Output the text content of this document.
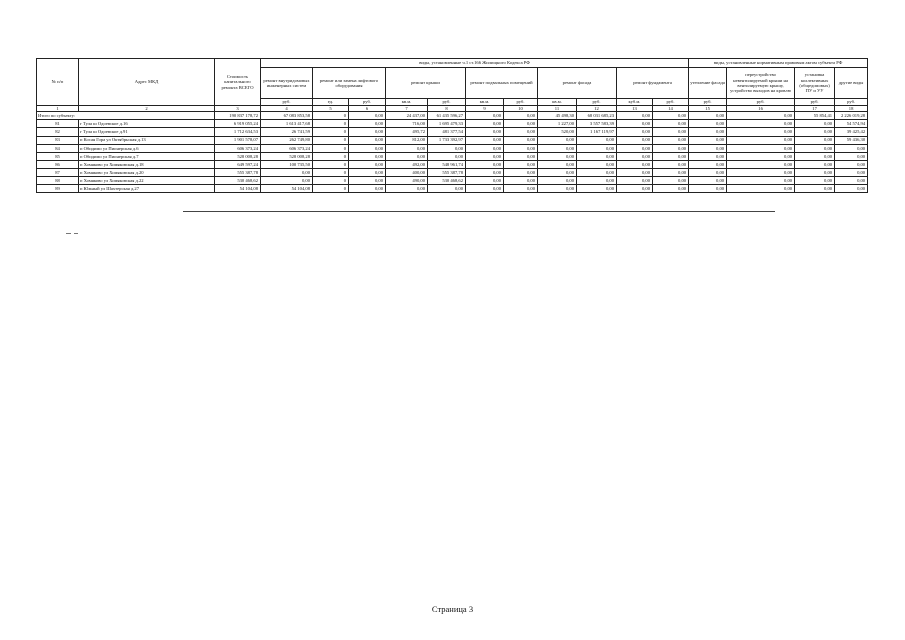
№ п/п	Адрес МКД	Стоимость капитального ремонта ВСЕГО	виды, установленные ч.1 ст.166 Жилищного Кодекса РФ											виды, установленные нормативным правовым актом субъекта РФ			
			ремонт внутридомовых инженерных систем	ремонт или замена лифтового оборудования		ремонт крыши		ремонт подвальных помещений		ремонт фасада		ремонт фундамента		утепление фасада	переустройство невентилируемой крыши на вентилируемую крышу, устройство выходов на кровлю	установка коллективных (общедомовых) ПУ и УУ	другие виды
			руб.	ед.	руб.	кв.м.	руб.	кв.м.	руб.	кв.м.	руб.	куб.м.	руб.	руб.	руб.	руб.	руб.
1	2	3	4	5	6	7	8	9	10	11	12	13	14	15	16	17	18
Итого по субъекту:		190 837 178,72	67 083 853,58	0	0,00	24 437,00	61 435 596,27	0,00	0,00	45 498,30	68 031 685,23	0,00	0,00	0,00	0,00	55 854,41	2 226 019,28
81	г Тула ш Одоевское д.16	6 919 055,24	1 613 417,68	0	0,00	716,00	1 695 479,33	0,00	0,00	1 227,00	3 557 583,39	0,00	0,00	0,00	0,00	0,00	54 574,94
82	г Тула ш Одоевское д.91	1 712 634,53	26 741,59	0	0,00	495,72	481 377,54	0,00	0,00	520,00	1 167 119,97	0,00	0,00	0,00	0,00	0,00	39 425,42
83	п Косая Гора ул Октябрьская д.13	1 901 578,07	262 749,80	0	0,00	812,00	1 733 392,97	0,00	0,00	0,00	0,00	0,00	0,00	0,00	0,00	0,00	59 436,30
84	п Обидимо ул Пионерская д.6	606 373,24	606 373,24	0	0,00	0,00	0,00	0,00	0,00	0,00	0,00	0,00	0,00	0,00	0,00	0,00	0,00
85	п Обидимо ул Пионерская д.7	528 008,28	528 008,28	0	0,00	0,00	0,00	0,00	0,00	0,00	0,00	0,00	0,00	0,00	0,00	0,00	0,00
86	п Хомяково ул Хомяковская д.18	649 597,24	100 735,50	0	0,00	492,00	548 961,74	0,00	0,00	0,00	0,00	0,00	0,00	0,00	0,00	0,00	0,00
87	п Хомяково ул Хомяковская д.20	555 387,78	0,00	0	0,00	400,00	555 387,78	0,00	0,00	0,00	0,00	0,00	0,00	0,00	0,00	0,00	0,00
88	п Хомяково ул Хомяковская д.22	530 468,62	0,00	0	0,00	490,00	530 468,62	0,00	0,00	0,00	0,00	0,00	0,00	0,00	0,00	0,00	0,00
89	п Южный ул Шахтерская д.27	54 104,08	54 104,08	0	0,00	0,00	0,00	0,00	0,00	0,00	0,00	0,00	0,00	0,00	0,00	0,00	0,00
Страница 3
